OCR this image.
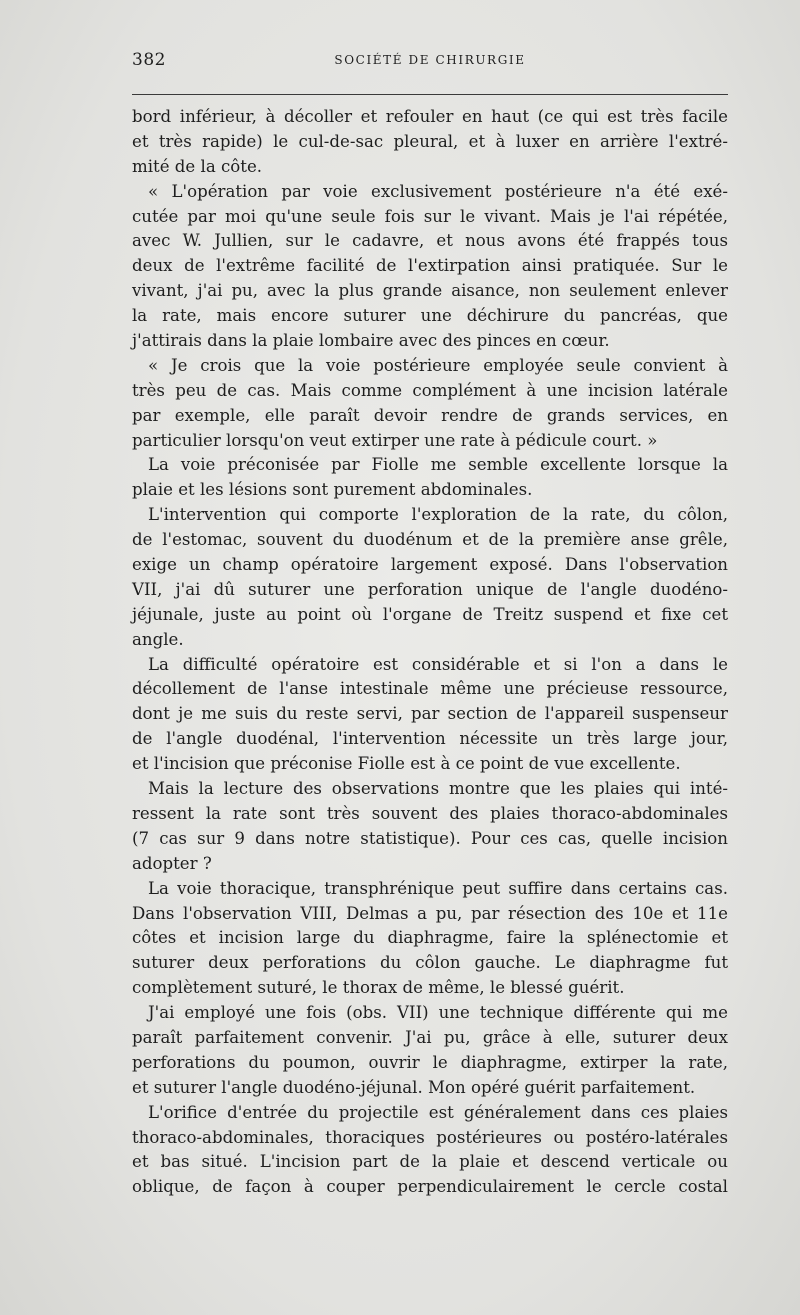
382	SOCIÉTÉ DE CHIRURGIE
bord inférieur, à décoller et refouler en haut (ce qui est très facile
et très rapide) le cul-de-sac pleural, et à luxer en arrière l'extré-
mité de la côte.
« L'opération par voie exclusivement postérieure n'a été exé-
cutée par moi qu'une seule fois sur le vivant. Mais je l'ai répétée,
avec W. Jullien, sur le cadavre, et nous avons été frappés tous
deux de l'extrême facilité de l'extirpation ainsi pratiquée. Sur le
vivant, j'ai pu, avec la plus grande aisance, non seulement enlever
la rate, mais encore suturer une déchirure du pancréas, que
j'attirais dans la plaie lombaire avec des pinces en cœur.
« Je crois que la voie postérieure employée seule convient à
très peu de cas. Mais comme complément à une incision latérale
par exemple, elle paraît devoir rendre de grands services, en
particulier lorsqu'on veut extirper une rate à pédicule court. »
La voie préconisée par Fiolle me semble excellente lorsque la
plaie et les lésions sont purement abdominales.
L'intervention qui comporte l'exploration de la rate, du côlon,
de l'estomac, souvent du duodénum et de la première anse grêle,
exige un champ opératoire largement exposé. Dans l'observation
VII, j'ai dû suturer une perforation unique de l'angle duodéno-
jéjunale, juste au point où l'organe de Treitz suspend et fixe cet
angle.
La difficulté opératoire est considérable et si l'on a dans le
décollement de l'anse intestinale même une précieuse ressource,
dont je me suis du reste servi, par section de l'appareil suspenseur
de l'angle duodénal, l'intervention nécessite un très large jour,
et l'incision que préconise Fiolle est à ce point de vue excellente.
Mais la lecture des observations montre que les plaies qui inté-
ressent la rate sont très souvent des plaies thoraco-abdominales
(7 cas sur 9 dans notre statistique). Pour ces cas, quelle incision
adopter ?
La voie thoracique, transphrénique peut suffire dans certains cas.
Dans l'observation VIII, Delmas a pu, par résection des 10e et 11e
côtes et incision large du diaphragme, faire la splénectomie et
suturer deux perforations du côlon gauche. Le diaphragme fut
complètement suturé, le thorax de même, le blessé guérit.
J'ai employé une fois (obs. VII) une technique différente qui me
paraît parfaitement convenir. J'ai pu, grâce à elle, suturer deux
perforations du poumon, ouvrir le diaphragme, extirper la rate,
et suturer l'angle duodéno-jéjunal. Mon opéré guérit parfaitement.
L'orifice d'entrée du projectile est généralement dans ces plaies
thoraco-abdominales, thoraciques postérieures ou postéro-latérales
et bas situé. L'incision part de la plaie et descend verticale ou
oblique, de façon à couper perpendiculairement le cercle costal
